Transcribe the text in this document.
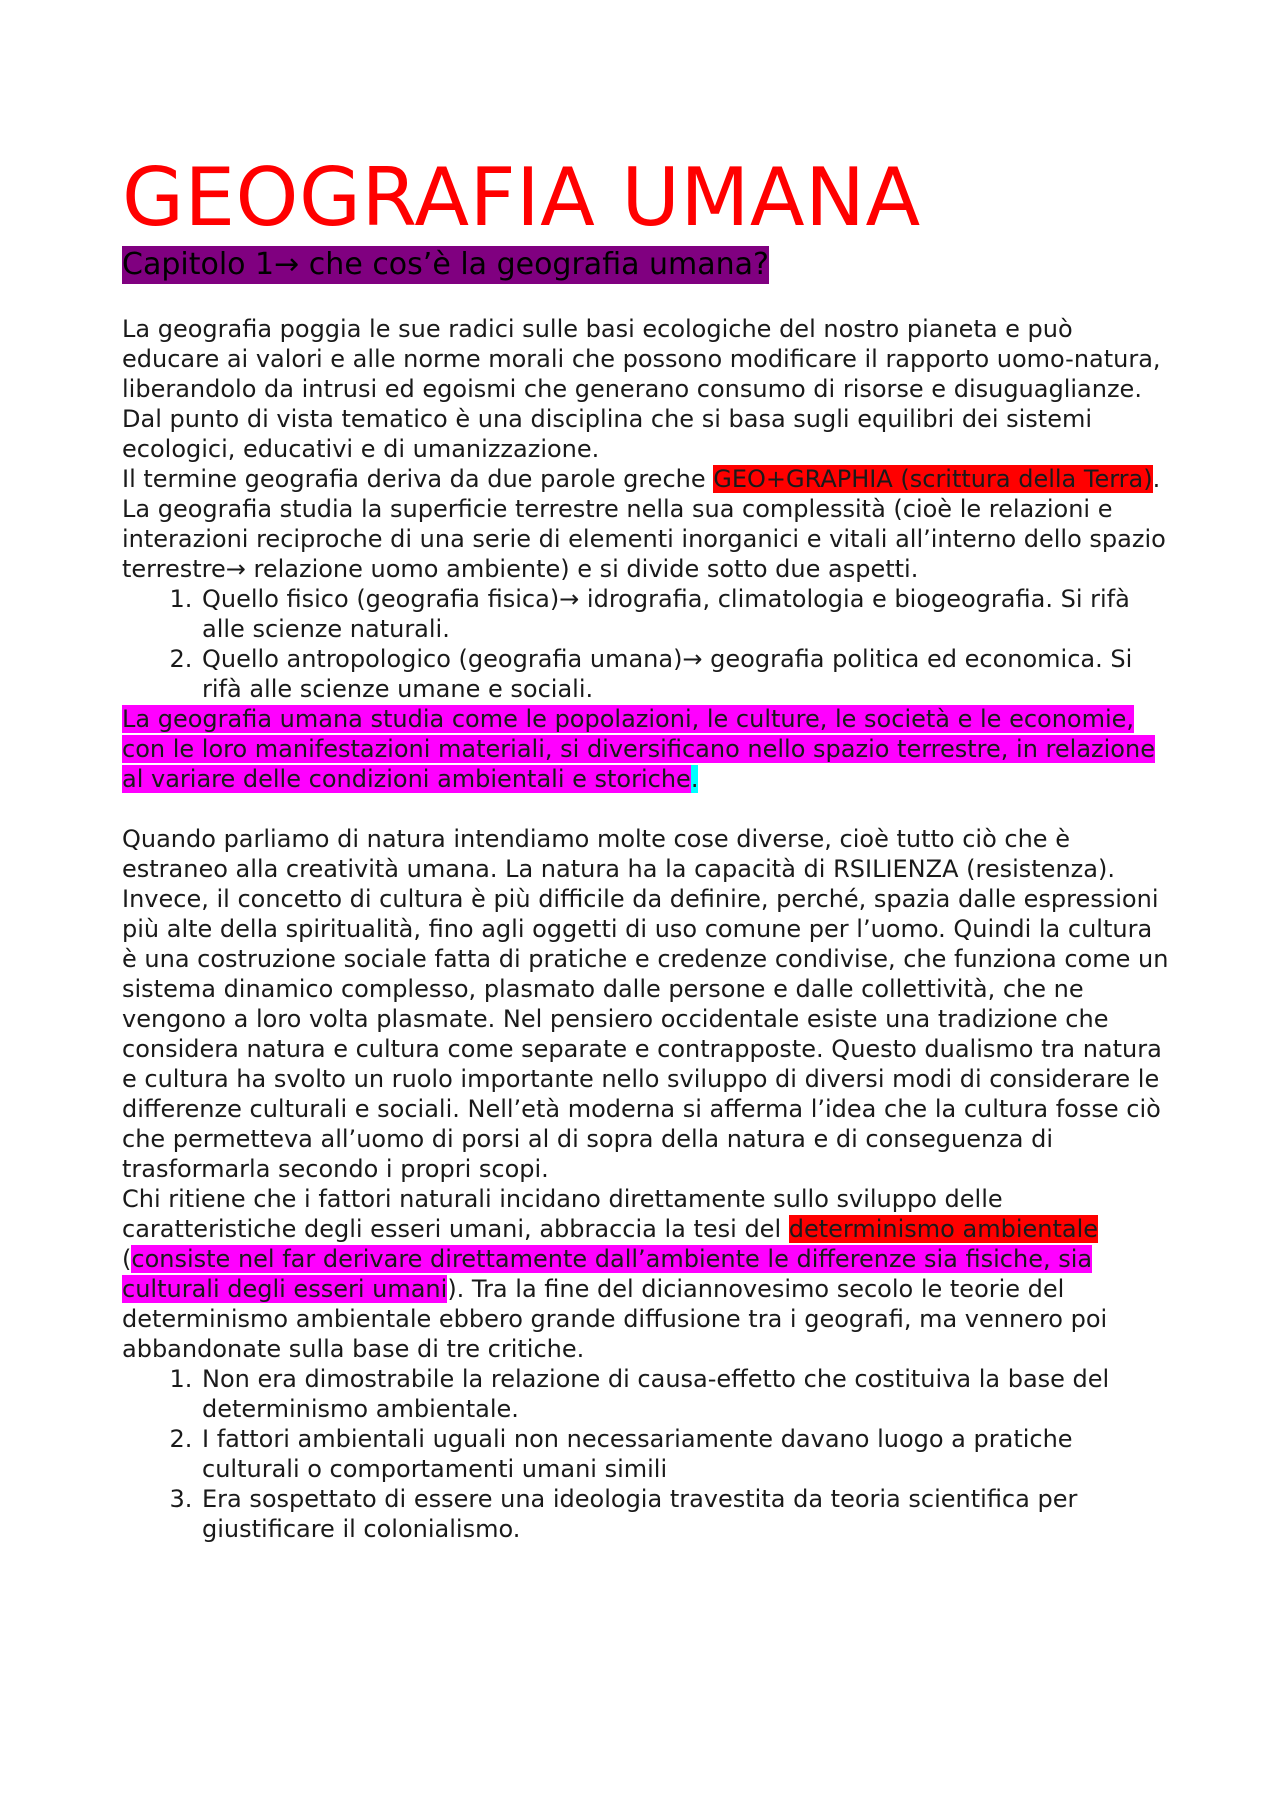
GEOGRAFIA UMANA
Capitolo 1→ che cos’è la geografia umana?

La geografia poggia le sue radici sulle basi ecologiche del nostro pianeta e può educare ai valori e alle norme morali che possono modificare il rapporto uomo-natura, liberandolo da intrusi ed egoismi che generano consumo di risorse e disuguaglianze. Dal punto di vista tematico è una disciplina che si basa sugli equilibri dei sistemi ecologici, educativi e di umanizzazione.

Il termine geografia deriva da due parole greche GEO+GRAPHIA (scrittura della Terra). La geografia studia la superficie terrestre nella sua complessità (cioè le relazioni e interazioni reciproche di una serie di elementi inorganici e vitali all’interno dello spazio terrestre→ relazione uomo ambiente) e si divide sotto due aspetti.

1. Quello fisico (geografia fisica)→ idrografia, climatologia e biogeografia. Si rifà alle scienze naturali.
2. Quello antropologico (geografia umana)→ geografia politica ed economica. Si rifà alle scienze umane e sociali.

La geografia umana studia come le popolazioni, le culture, le società e le economie, con le loro manifestazioni materiali, si diversificano nello spazio terrestre, in relazione al variare delle condizioni ambientali e storiche.

Quando parliamo di natura intendiamo molte cose diverse, cioè tutto ciò che è estraneo alla creatività umana. La natura ha la capacità di RSILIENZA (resistenza).

Invece, il concetto di cultura è più difficile da definire, perché, spazia dalle espressioni più alte della spiritualità, fino agli oggetti di uso comune per l’uomo. Quindi la cultura è una costruzione sociale fatta di pratiche e credenze condivise, che funziona come un sistema dinamico complesso, plasmato dalle persone e dalle collettività, che ne vengono a loro volta plasmate. Nel pensiero occidentale esiste una tradizione che considera natura e cultura come separate e contrapposte. Questo dualismo tra natura e cultura ha svolto un ruolo importante nello sviluppo di diversi modi di considerare le differenze culturali e sociali. Nell’età moderna si afferma l’idea che la cultura fosse ciò che permetteva all’uomo di porsi al di sopra della natura e di conseguenza di trasformarla secondo i propri scopi.

Chi ritiene che i fattori naturali incidano direttamente sullo sviluppo delle caratteristiche degli esseri umani, abbraccia la tesi del determinismo ambientale (consiste nel far derivare direttamente dall’ambiente le differenze sia fisiche, sia culturali degli esseri umani). Tra la fine del diciannovesimo secolo le teorie del determinismo ambientale ebbero grande diffusione tra i geografi, ma vennero poi abbandonate sulla base di tre critiche.

1. Non era dimostrabile la relazione di causa-effetto che costituiva la base del determinismo ambientale.
2. I fattori ambientali uguali non necessariamente davano luogo a pratiche culturali o comportamenti umani simili
3. Era sospettato di essere una ideologia travestita da teoria scientifica per giustificare il colonialismo.
